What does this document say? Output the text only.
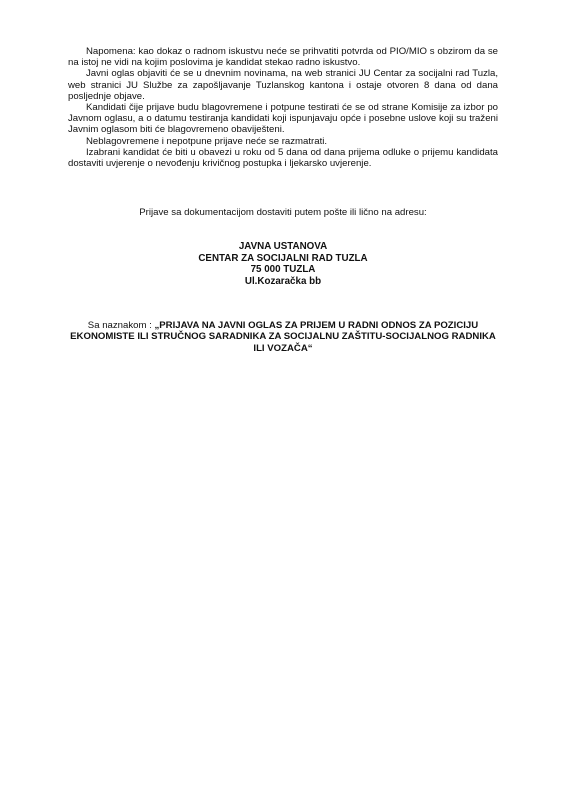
Napomena: kao dokaz o radnom iskustvu neće se prihvatiti potvrda od PIO/MIO s obzirom da se na istoj ne vidi na kojim poslovima je kandidat stekao radno iskustvo.

Javni oglas objaviti će se u dnevnim novinama, na web stranici JU Centar za socijalni rad Tuzla, web stranici JU Službe za zapošljavanje Tuzlanskog kantona i ostaje otvoren 8 dana od dana posljednje objave.

Kandidati čije prijave budu blagovremene i potpune testirati će se od strane Komisije za izbor po Javnom oglasu, a o datumu testiranja kandidati koji ispunjavaju opće i posebne uslove koji su traženi Javnim oglasom biti će blagovremeno obaviješteni.

Neblagovremene i nepotpune prijave neće se razmatrati.

Izabrani kandidat će biti u obavezi u roku od 5 dana od dana prijema odluke o prijemu kandidata dostaviti uvjerenje o nevođenju krivičnog postupka i ljekarsko uvjerenje.

Prijave sa dokumentacijom dostaviti putem pošte ili lično na adresu:

JAVNA USTANOVA
CENTAR ZA SOCIJALNI RAD TUZLA
75 000 TUZLA
Ul.Kozaračka bb
Sa naznakom : „PRIJAVA NA JAVNI OGLAS ZA PRIJEM U RADNI ODNOS ZA POZICIJU EKONOMISTE ILI STRUČNOG SARADNIKA ZA SOCIJALNU ZAŠTITU-SOCIJALNOG RADNIKA ILI VOZAČA“
